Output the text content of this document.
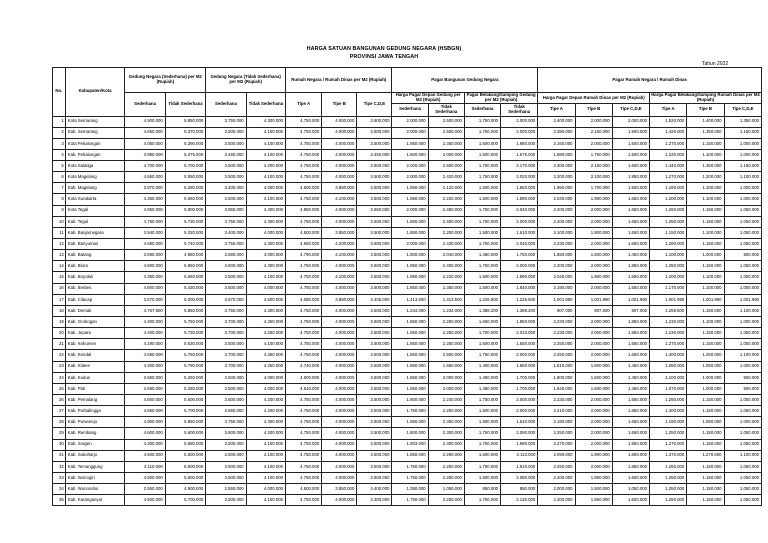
HARGA SATUAN BANGUNAN GEDUNG NEGARA (HSBGN)
PROVINSI JAWA TENGAH
Tahun 2022
No.	Kabupaten/Kota	Gedung Negara (Sederhana) per M2 (Rupiah)		Gedung Negara (Tidak Sederhana) per M2 (Rupiah)		Rumah Negara / Rumah Dinas per M2 (Rupiah)			Pagar Bangunan Gedung Negara				Pagar Rumah Negara / Rumah Dinas					
		Sederhana	Tidak Sederhana	Sederhana	Tidak Sederhana	Tipe A	Tipe B	Tipe C,D,E	Harga Pagar Depan Gedung per M2 (Rupiah)		Pagar Belakang/Samping Gedung per M2 (Rupiah)		Harga Pagar Depan Rumah Dinas per M2 (Rupiah)			Harga Pagar Belakang/Samping Rumah Dinas per M2 (Rupiah)		
									Sederhana	Tidak Sederhana	Sederhana	Tidak Sederhana	Tipe A	Tipe B	Tipe C,D,E	Tipe A	Tipe B	Tipe C,D,E
1	Kota Semarang	4.900.000	5.850.000	3.750.000	4.300.000	4.750.000	4.000.000	3.600.000	2.000.000	2.500.000	1.750.000	2.000.000	2.400.000	2.000.000	2.000.000	1.520.000	1.400.000	1.350.000
2	Kab. Semarang	4.650.000	5.370.000	3.500.000	4.100.000	4.750.000	4.000.000	3.500.000	2.000.000	2.500.000	1.750.000	2.000.000	2.390.000	2.150.000	1.900.000	1.420.000	1.350.000	1.150.000
3	Kota Pekalongan	4.050.000	5.390.000	3.500.000	4.100.000	4.750.000	4.000.000	3.500.000	1.950.000	2.350.000	1.600.000	1.980.000	2.160.000	2.000.000	1.600.000	1.270.000	1.150.000	1.000.000
4	Kab. Pekalongan	3.990.000	5.375.000	3.450.000	4.100.000	4.750.000	4.000.000	3.450.000	1.800.000	2.000.000	1.500.000	1.675.000	1.880.000	1.750.000	1.500.000	1.220.000	1.100.000	1.000.000
5	Kota Salatiga	4.700.000	5.700.000	3.500.000	4.200.000	4.750.000	4.000.000	3.500.000	2.000.000	2.500.000	1.750.000	2.170.000	2.300.000	2.150.000	1.600.000	1.440.000	1.350.000	1.150.000
6	Kota Magelang	4.660.000	5.550.000	3.500.000	4.100.000	4.750.000	4.000.000	3.500.000	2.000.000	2.420.000	1.750.000	2.020.000	2.200.000	2.100.000	1.950.000	1.270.000	1.200.000	1.100.000
7	Kab. Magelang	3.970.000	5.280.000	3.400.000	4.000.000	4.500.000	3.850.000	3.500.000	1.850.000	2.120.000	1.500.000	1.850.000	1.950.000	1.700.000	1.500.000	1.180.000	1.100.000	1.000.000
8	Kota Surakarta	4.350.000	5.660.000	3.500.000	4.100.000	4.750.000	4.100.000	3.500.000	1.950.000	2.220.000	1.500.000	1.890.000	2.040.000	1.900.000	1.650.000	1.200.000	1.100.000	1.000.000
9	Kota Tegal	4.950.000	5.900.000	3.850.000	4.400.000	4.850.000	4.000.000	3.650.000	2.000.000	2.450.000	1.750.000	2.040.000	2.200.000	2.000.000	1.650.000	1.260.000	1.150.000	1.050.000
10	Kab. Tegal	4.750.000	5.730.000	3.750.000	4.300.000	4.750.000	4.000.000	3.600.000	1.850.000	2.400.000	1.750.000	2.000.000	2.200.000	2.000.000	1.650.000	1.250.000	1.150.000	1.050.000
11	Kab. Banjarnegara	3.940.000	5.320.000	3.400.000	4.000.000	4.500.000	3.850.000	3.500.000	1.850.000	2.200.000	1.500.000	1.610.000	2.100.000	1.800.000	1.650.000	1.150.000	1.100.000	1.050.000
12	Kab. Banyumas	4.580.000	5.740.000	3.750.000	4.300.000	4.650.000	4.200.000	3.600.000	2.000.000	2.430.000	1.750.000	2.040.000	2.230.000	2.000.000	1.650.000	1.290.000	1.150.000	1.050.000
13	Kab. Batang	3.590.000	4.880.000	3.590.000	4.000.000	4.790.000	4.100.000	3.500.000	1.800.000	2.040.000	1.450.000	1.750.000	1.880.000	1.600.000	1.450.000	1.100.000	1.000.000	900.000
14	Kab. Blora	4.600.000	5.860.000	3.600.000	4.300.000	4.750.000	4.000.000	3.600.000	1.950.000	2.400.000	1.750.000	2.000.000	2.200.000	2.000.000	1.850.000	1.250.000	1.150.000	1.050.000
15	Kab. Boyolali	4.350.000	5.660.000	3.500.000	4.100.000	4.750.000	4.100.000	3.500.000	1.950.000	2.220.000	1.500.000	1.890.000	2.040.000	1.900.000	1.650.000	1.200.000	1.100.000	1.000.000
16	Kab. Brebes	4.600.000	5.430.000	3.500.000	4.000.000	4.750.000	4.000.000	3.600.000	1.850.000	2.350.000	1.500.000	1.840.000	2.190.000	2.000.000	1.650.000	1.170.000	1.100.000	1.000.000
17	Kab. Cilacap	3.670.000	6.000.000	3.670.000	4.500.000	4.080.000	3.850.000	3.405.000	1.413.500	1.413.500	1.226.500	1.226.500	1.001.990	1.001.990	1.001.990	1.001.990	1.001.990	1.001.990
18	Kab. Demak	4.767.900	5.850.000	3.750.000	4.300.000	4.750.000	4.000.000	3.600.000	1.234.000	1.234.000	1.388.200	1.388.200	907.000	907.000	907.000	1.259.500	1.150.000	1.100.000
19	Kab. Grobogan	4.400.000	5.750.000	3.700.000	4.250.000	4.750.000	4.000.000	3.600.000	1.850.000	2.250.000	1.650.000	1.950.000	2.230.000	2.000.000	1.850.000	1.230.000	1.100.000	1.000.000
20	Kab. Jepara	4.400.000	5.730.000	3.700.000	4.250.000	4.750.000	4.000.000	3.600.000	1.850.000	2.250.000	1.700.000	2.010.000	2.230.000	2.000.000	1.850.000	1.230.000	1.150.000	1.050.000
21	Kab. Kebumen	4.190.000	5.630.000	3.500.000	4.100.000	4.750.000	4.000.000	3.600.000	1.850.000	2.250.000	1.600.000	1.550.000	2.250.000	2.000.000	1.650.000	1.270.000	1.150.000	1.050.000
22	Kab. Kendal	4.580.000	5.750.000	3.700.000	4.250.000	4.750.000	4.000.000	3.600.000	1.850.000	2.500.000	1.750.000	2.000.000	2.250.000	2.000.000	1.650.000	1.400.000	1.250.000	1.100.000
23	Kab. Klaten	4.400.000	5.790.000	3.700.000	4.250.000	4.740.000	4.000.000	3.600.000	1.850.000	1.660.000	1.400.000	1.650.000	1.810.000	1.600.000	1.450.000	1.050.000	1.050.000	1.000.000
24	Kab. Kudus	3.650.000	5.250.000	3.500.000	4.000.000	4.600.000	4.000.000	3.500.000	1.850.000	2.000.000	1.450.000	1.700.000	1.800.000	1.600.000	1.450.000	1.100.000	1.000.000	900.000
25	Kab. Pati	3.690.000	5.280.000	3.500.000	4.000.000	4.610.000	4.000.000	3.500.000	1.850.000	2.000.000	1.450.000	1.700.000	1.840.000	1.600.000	1.450.000	1.070.000	1.000.000	900.000
26	Kab. Pemalang	4.600.000	5.600.000	3.600.000	4.200.000	4.750.000	4.000.000	3.500.000	1.800.000	2.240.000	1.750.000	2.000.000	2.230.000	2.000.000	1.650.000	1.250.000	1.150.000	1.050.000
27	Kab. Purbalingga	4.650.000	5.700.000	3.650.000	4.200.000	4.750.000	4.000.000	3.500.000	1.750.000	2.250.000	1.600.000	2.000.000	2.210.000	2.000.000	1.850.000	1.300.000	1.150.000	1.050.000
28	Kab. Purworejo	4.900.000	5.850.000	3.750.000	4.300.000	4.750.000	4.000.000	3.500.000	1.950.000	2.350.000	1.500.000	1.610.000	2.180.000	2.000.000	1.650.000	1.190.000	1.050.000	1.000.000
29	Kab. Rembang	4.600.000	5.600.000	3.600.000	4.200.000	4.750.000	4.000.000	3.500.000	1.800.000	2.300.000	1.750.000	2.090.000	2.250.000	2.000.000	1.650.000	1.250.000	1.150.000	1.050.000
30	Kab. Sragen	4.300.000	5.580.000	3.500.000	4.100.000	4.750.000	4.000.000	3.500.000	1.803.000	2.300.000	1.750.000	1.980.000	2.270.000	2.000.000	1.850.000	1.270.000	1.150.000	1.050.000
31	Kab. Sukoharjo	4.500.000	5.500.000	3.500.000	4.100.000	4.750.000	4.000.000	3.500.000	1.850.000	2.290.000	1.600.000	2.110.000	2.090.000	1.900.000	1.800.000	1.370.000	1.270.000	1.100.000
32	Kab. Temanggung	4.110.000	5.500.000	3.500.000	4.100.000	4.750.000	4.000.000	3.500.000	1.750.000	2.250.000	1.700.000	1.910.000	2.250.000	2.000.000	1.850.000	1.250.000	1.150.000	1.050.000
33	Kab. Wonogiri	4.500.000	5.600.000	3.500.000	4.100.000	4.750.000	4.000.000	3.500.000	1.750.000	2.250.000	1.600.000	2.080.000	2.200.000	1.950.000	1.600.000	1.250.000	1.150.000	1.050.000
34	Kab. Wonosobo	2.550.000	4.900.000	2.550.000	4.000.000	4.500.000	3.850.000	3.400.000	1.050.000	1.050.000	850.000	850.000	2.000.000	1.500.000	1.050.000	1.250.000	1.150.000	1.050.000
35	Kab. Karanganyar	4.500.000	5.700.000	3.500.000	4.100.000	4.750.000	4.000.000	3.300.000	1.750.000	2.250.000	1.750.000	2.130.000	2.200.000	1.950.000	1.600.000	1.250.000	1.150.000	1.050.000
